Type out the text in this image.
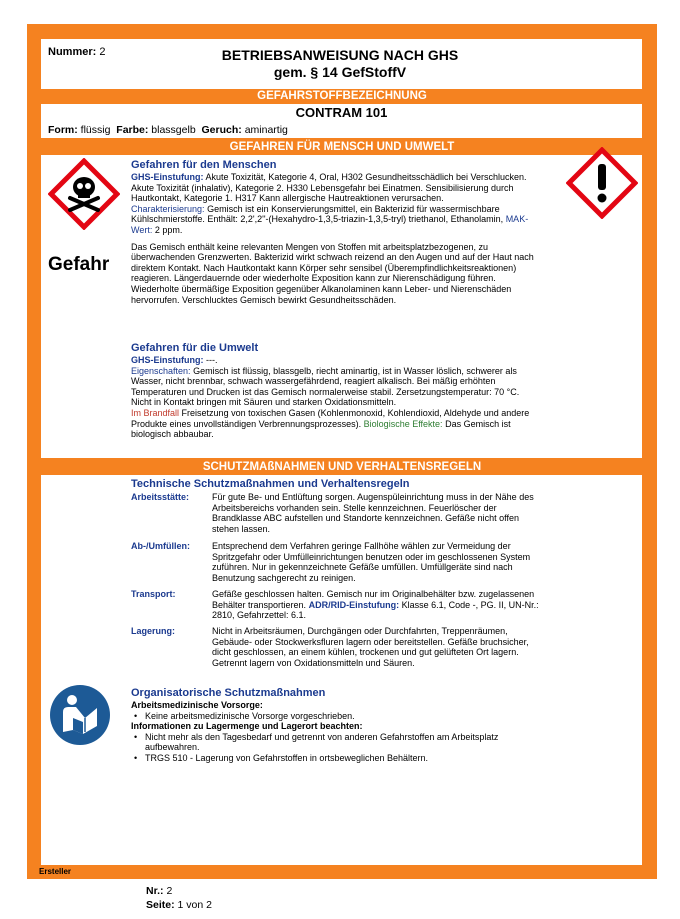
Nummer: 2	BETRIEBSANWEISUNG NACH GHS
gem. § 14 GefStoffV
GEFAHRSTOFFBEZEICHNUNG
GEFAHREN FÜR MENSCH UND UMWELT
SCHUTZMAßNAHMEN UND VERHALTENSREGELN
CONTRAM 101
Form: flüssig Farbe: blassgelb Geruch: aminartig
Gefahr
Gefahren für den Menschen
GHS-Einstufung: Akute Toxizität, Kategorie 4, Oral, H302 Gesundheitsschädlich bei Verschlucken. Akute Toxizität (inhalativ), Kategorie 2. H330 Lebensgefahr bei Einatmen. Sensibilisierung durch Hautkontakt, Kategorie 1. H317 Kann allergische Hautreaktionen verursachen.
Charakterisierung: Gemisch ist ein Konservierungsmittel, ein Bakterizid für wassermischbare Kühlschmierstoffe. Enthält: 2,2',2''-(Hexahydro-1,3,5-triazin-1,3,5-tryl) triethanol, Ethanolamin, MAK-Wert: 2 ppm.
Das Gemisch enthält keine relevanten Mengen von Stoffen mit arbeitsplatzbezogenen, zu überwachenden Grenzwerten. Bakterizid wirkt schwach reizend an den Augen und auf der Haut nach direktem Kontakt. Nach Hautkontakt kann Körper sehr sensibel (Überempfindlichkeitsreaktionen) reagieren. Längerdauernde oder wiederholte Exposition kann zur Nierenschädigung führen. Wiederholte übermäßige Exposition gegenüber Alkanolaminen kann Leber- und Nierenschäden hervorrufen. Verschlucktes Gemisch bewirkt Gesundheitsschäden.
Gefahren für die Umwelt
GHS-Einstufung: ---.
Eigenschaften: Gemisch ist flüssig, blassgelb, riecht aminartig, ist in Wasser löslich, schwerer als Wasser, nicht brennbar, schwach wassergefährdend, reagiert alkalisch. Bei mäßig erhöhten Temperaturen und Drucken ist das Gemisch normalerweise stabil. Zersetzungstemperatur: 70 °C. Nicht in Kontakt bringen mit Säuren und starken Oxidationsmitteln.
Im Brandfall Freisetzung von toxischen Gasen (Kohlenmonoxid, Kohlendioxid, Aldehyde und andere Produkte eines unvollständigen Verbrennungsprozesses). Biologische Effekte: Das Gemisch ist biologisch abbaubar.
Technische Schutzmaßnahmen und Verhaltensregeln
Arbeitsstätte:	Für gute Be- und Entlüftung sorgen. Augenspüleinrichtung muss in der Nähe des Arbeitsbereichs vorhanden sein. Stelle kennzeichnen. Feuerlöscher der Brandklasse ABC aufstellen und Standorte kennzeichnen. Gefäße nicht offen stehen lassen.
Ab-/Umfüllen: Entsprechend dem Verfahren geringe Fallhöhe wählen zur Vermeidung der Spritzgefahr oder Umfülleinrichtungen benutzen oder im geschlossenen System zuführen. Nur in gekennzeichnete Gefäße umfüllen. Umfüllgeräte sind nach Benutzung sachgerecht zu reinigen.
Transport:	Gefäße geschlossen halten. Gemisch nur im Originalbehälter bzw. zugelassenen Behälter transportieren. ADR/RID-Einstufung: Klasse 6.1, Code -, PG. II, UN-Nr.: 2810, Gefahrzettel: 6.1.
Lagerung:	Nicht in Arbeitsräumen, Durchgängen oder Durchfahrten, Treppenräumen, Gebäude- oder Stockwerksfluren lagern oder bereitstellen. Gefäße bruchsicher, dicht geschlossen, an einem kühlen, trockenen und gut gelüfteten Ort lagern. Getrennt lagern von Oxidationsmitteln und Säuren.
Organisatorische Schutzmaßnahmen
Arbeitsmedizinische Vorsorge:
• Keine arbeitsmedizinische Vorsorge vorgeschrieben.
Informationen zu Lagermenge und Lagerort beachten:
• Nicht mehr als den Tagesbedarf und getrennt von anderen Gefahrstoffen am Arbeitsplatz aufbewahren.
• TRGS 510 - Lagerung von Gefahrstoffen in ortsbeweglichen Behältern.
Ersteller
Nr.: 2
Seite: 1 von 2
